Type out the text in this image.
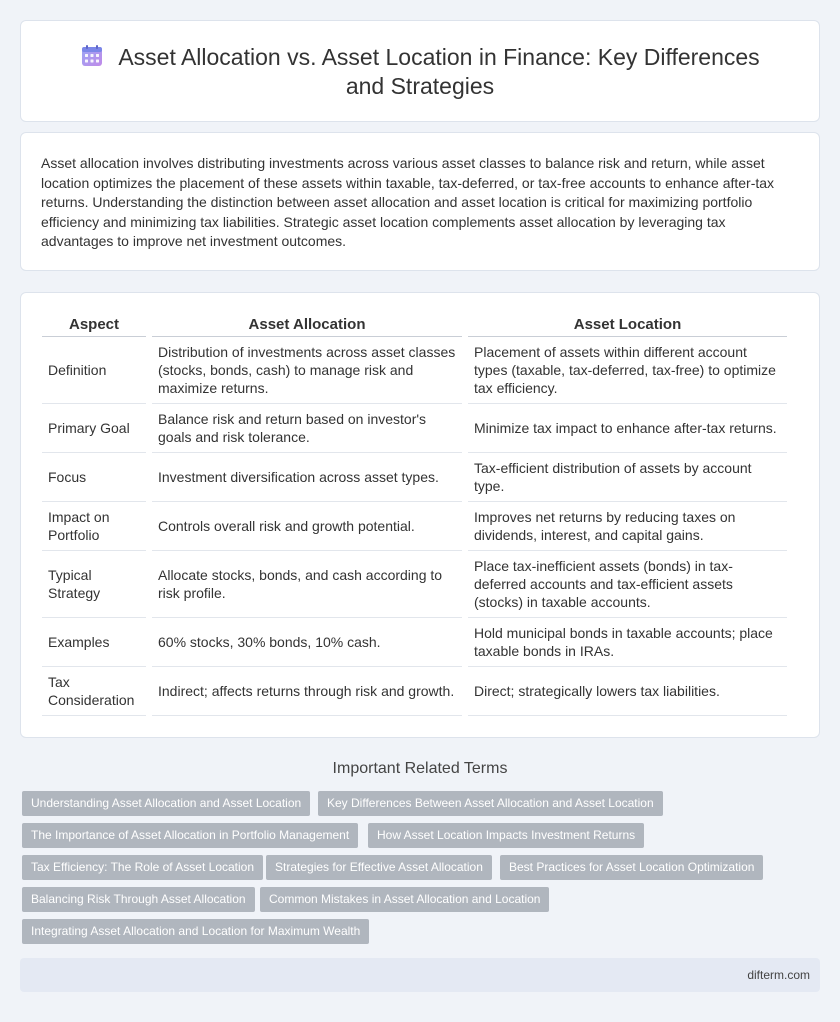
Asset Allocation vs. Asset Location in Finance: Key Differences and Strategies

Asset allocation involves distributing investments across various asset classes to balance risk and return, while asset location optimizes the placement of these assets within taxable, tax-deferred, or tax-free accounts to enhance after-tax returns. Understanding the distinction between asset allocation and asset location is critical for maximizing portfolio efficiency and minimizing tax liabilities. Strategic asset location complements asset allocation by leveraging tax advantages to improve net investment outcomes.

Aspect	Asset Allocation	Asset Location
Definition	Distribution of investments across asset classes (stocks, bonds, cash) to manage risk and maximize returns.	Placement of assets within different account types (taxable, tax-deferred, tax-free) to optimize tax efficiency.
Primary Goal	Balance risk and return based on investor's goals and risk tolerance.	Minimize tax impact to enhance after-tax returns.
Focus	Investment diversification across asset types.	Tax-efficient distribution of assets by account type.
Impact on Portfolio	Controls overall risk and growth potential.	Improves net returns by reducing taxes on dividends, interest, and capital gains.
Typical Strategy	Allocate stocks, bonds, and cash according to risk profile.	Place tax-inefficient assets (bonds) in tax-deferred accounts and tax-efficient assets (stocks) in taxable accounts.
Examples	60% stocks, 30% bonds, 10% cash.	Hold municipal bonds in taxable accounts; place taxable bonds in IRAs.
Tax Consideration	Indirect; affects returns through risk and growth.	Direct; strategically lowers tax liabilities.
Important Related Terms
Understanding Asset Allocation and Asset Location	Key Differences Between Asset Allocation and Asset Location
The Importance of Asset Allocation in Portfolio Management	How Asset Location Impacts Investment Returns
Tax Efficiency: The Role of Asset Location	Strategies for Effective Asset Allocation	Best Practices for Asset Location Optimization
Balancing Risk Through Asset Allocation	Common Mistakes in Asset Allocation and Location
Integrating Asset Allocation and Location for Maximum Wealth
difterm.com
